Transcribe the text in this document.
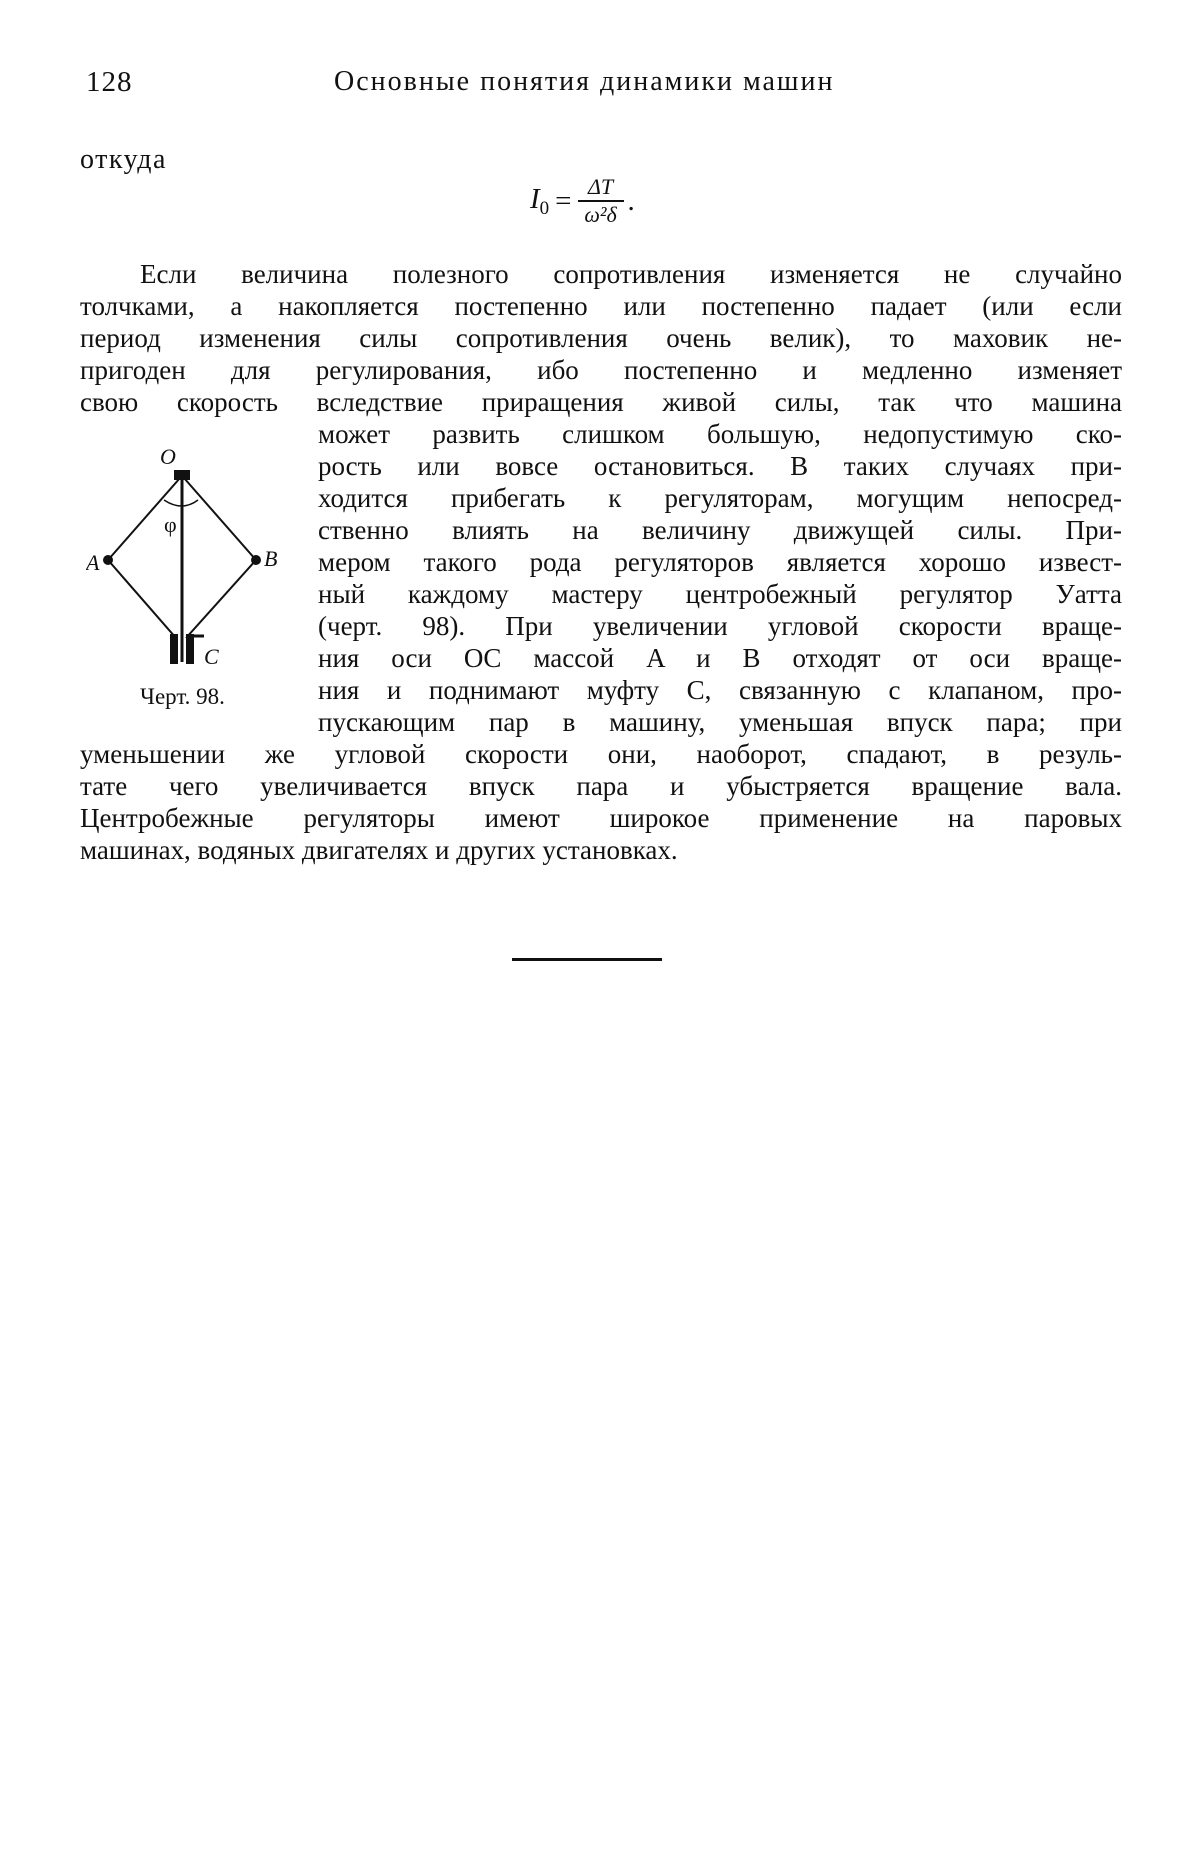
128	Основные понятия динамики машин
откуда
$I_0 = \frac{\Delta T}{\text{ω²δ}}$ .
Если величина полезного сопротивления изменяется не случайно
толчками, а накопляется постепенно или постепенно падает (или если
период изменения силы сопротивления очень велик), то маховик не-
пригоден для регулирования, ибо постепенно и медленно изменяет
свою скорость вследствие приращения живой силы, так что машина
может развить слишком большую, недопустимую ско-
рость или вовсе остановиться. В таких случаях при-
ходится прибегать к регуляторам, могущим непосред-
ственно влиять на величину движущей силы. При-
мером такого рода регуляторов является хорошо извест-
ный каждому мастеру центробежный регулятор Уатта
(черт. 98). При увеличении угловой скорости враще-
ния оси OC массой A и B отходят от оси враще-
ния и поднимают муфту C, связанную с клапаном, про-
пускающим пар в машину, уменьшая впуск пара; при
уменьшении же угловой скорости они, наоборот, спадают, в резуль-
тате чего увеличивается впуск пара и убыстряется вращение вала.
Центробежные регуляторы имеют широкое применение на паровых
машинах, водяных двигателях и других установках.
O
φ
A	B
C
Черт. 98.
